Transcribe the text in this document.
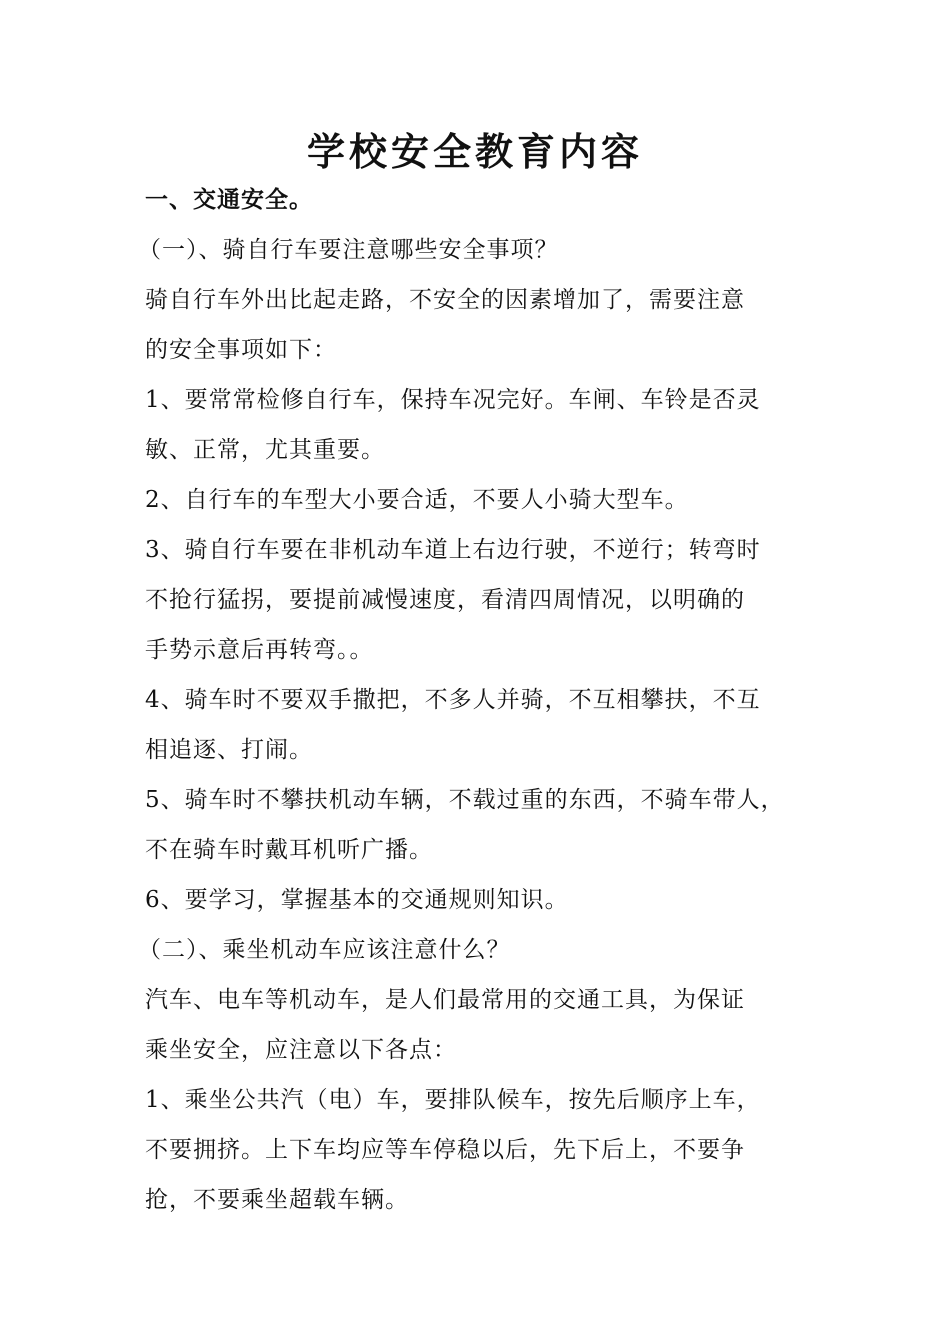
学校安全教育内容

一、交通安全。

（一）、骑自行车要注意哪些安全事项？

骑自行车外出比起走路，不安全的因素增加了，需要注意

的安全事项如下：

1、要常常检修自行车，保持车况完好。车闸、车铃是否灵

敏、正常，尤其重要。

2、自行车的车型大小要合适，不要人小骑大型车。

3、骑自行车要在非机动车道上右边行驶，不逆行；转弯时

不抢行猛拐，要提前减慢速度，看清四周情况，以明确的

手势示意后再转弯。。

4、骑车时不要双手撒把，不多人并骑，不互相攀扶，不互

相追逐、打闹。

5、骑车时不攀扶机动车辆，不载过重的东西，不骑车带人，

不在骑车时戴耳机听广播。

6、要学习，掌握基本的交通规则知识。

（二）、乘坐机动车应该注意什么？

汽车、电车等机动车，是人们最常用的交通工具，为保证

乘坐安全，应注意以下各点：

1、乘坐公共汽（电）车，要排队候车，按先后顺序上车，

不要拥挤。上下车均应等车停稳以后，先下后上，不要争

抢，不要乘坐超载车辆。
